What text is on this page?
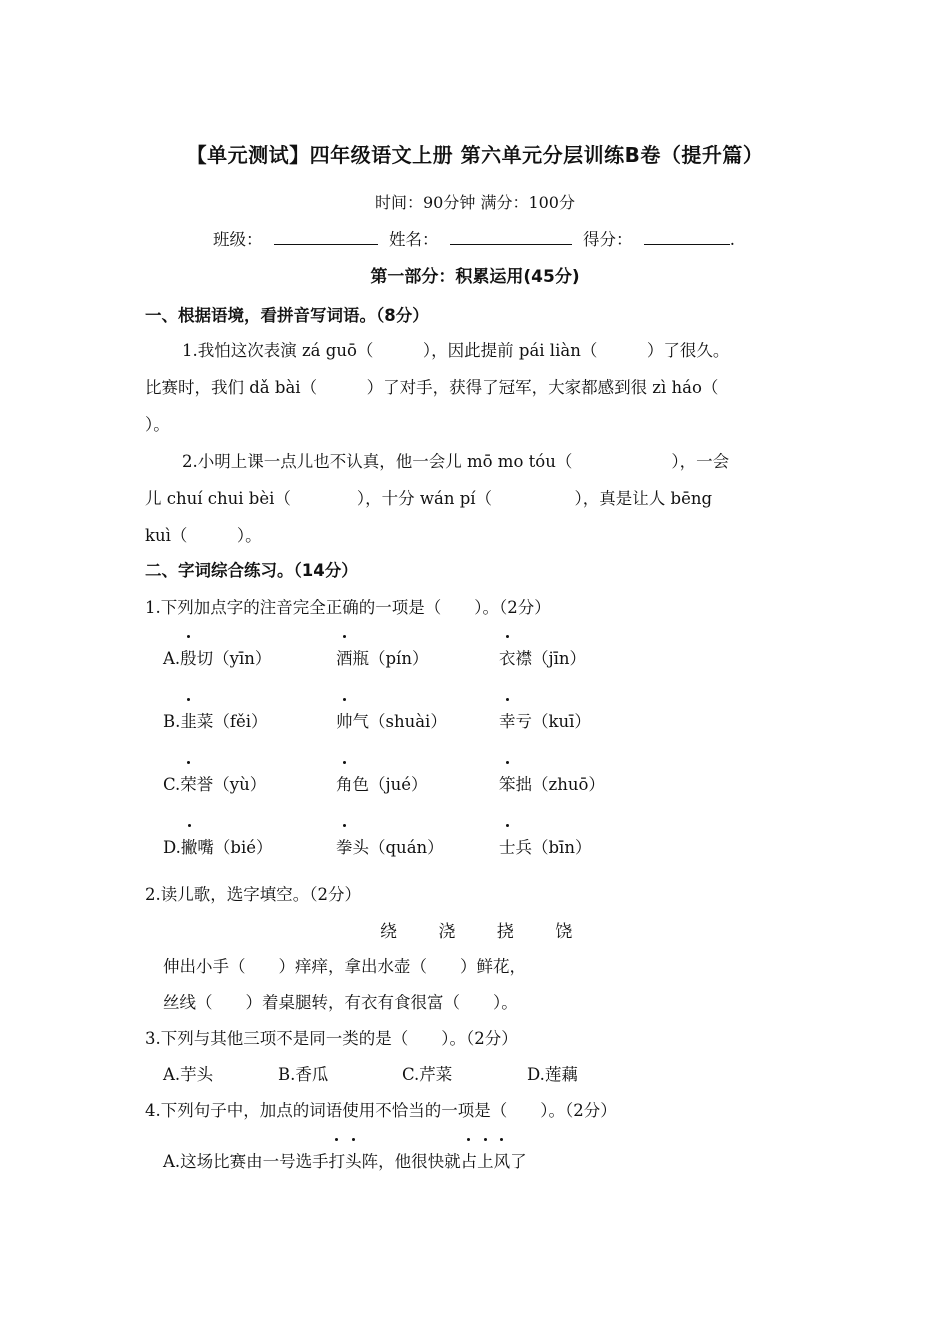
【单元测试】四年级语文上册 第六单元分层训练B卷（提升篇）
时间：90分钟 满分：100分
班级：	姓名：	得分：	.
第一部分：积累运用(45分)
一、根据语境，看拼音写词语。（8分）
1.我怕这次表演 zá guō（　　　），因此提前 pái liàn（　　　）了很久。
比赛时，我们 dǎ bài（　　　）了对手，获得了冠军，大家都感到很 zì háo（
）。
2.小明上课一点儿也不认真，他一会儿 mō mo tóu（　　　　　　），一会
儿 chuí chui bèi（　　　　），十分 wán pí（　　　　　），真是让人 bēng
kuì（　　　）。
二、字词综合练习。（14分）
1.下列加点字的注音完全正确的一项是（　　）。（2分）
A.殷切（yīn）	酒瓶（pín）	衣襟（jīn）
B.韭菜（fěi）	帅气（shuài）	幸亏（kuī）
C.荣誉（yù）	角色（jué）	笨拙（zhuō）
D.撇嘴（bié）	拳头（quán）	士兵（bīn）
2.读儿歌，选字填空。（2分）
绕 浇 挠 饶
伸出小手（　　）痒痒，拿出水壶（　　）鲜花，
丝线（　　）着桌腿转，有衣有食很富（　　）。
3.下列与其他三项不是同一类的是（　　）。（2分）
A.芋头	B.香瓜	C.芹菜	D.莲藕
4.下列句子中，加点的词语使用不恰当的一项是（　　）。（2分）
A.这场比赛由一号选手打头阵，他很快就占上风了
